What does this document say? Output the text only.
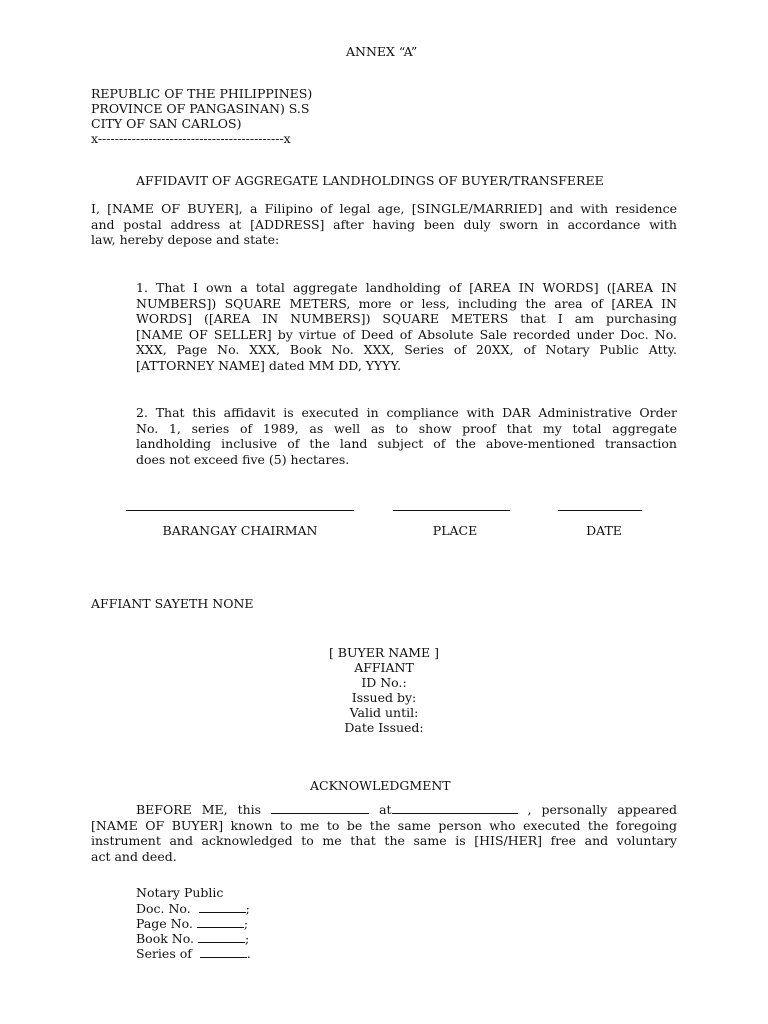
ANNEX “A”
REPUBLIC OF THE PHILIPPINES)
PROVINCE OF PANGASINAN) S.S
CITY OF SAN CARLOS)
x--------------------------------------------x
AFFIDAVIT OF AGGREGATE LANDHOLDINGS OF BUYER/TRANSFEREE
I, [NAME OF BUYER], a Filipino of legal age, [SINGLE/MARRIED] and with residence
and postal address at [ADDRESS] after having been duly sworn in accordance with
law, hereby depose and state:
1. That I own a total aggregate landholding of [AREA IN WORDS] ([AREA IN
NUMBERS]) SQUARE METERS, more or less, including the area of [AREA IN
WORDS] ([AREA IN NUMBERS]) SQUARE METERS that I am purchasing
[NAME OF SELLER] by virtue of Deed of Absolute Sale recorded under Doc. No.
XXX, Page No. XXX, Book No. XXX, Series of 20XX, of Notary Public Atty.
[ATTORNEY NAME] dated MM DD, YYYY.
2. That this affidavit is executed in compliance with DAR Administrative Order
No. 1, series of 1989, as well as to show proof that my total aggregate
landholding inclusive of the land subject of the above-mentioned transaction
does not exceed five (5) hectares.
BARANGAY CHAIRMAN	PLACE	DATE
AFFIANT SAYETH NONE
[ BUYER NAME ]
AFFIANT
ID No.:
Issued by:
Valid until:
Date Issued:
ACKNOWLEDGMENT
BEFORE ME, this	at	, personally appeared
[NAME OF BUYER] known to me to be the same person who executed the foregoing
instrument and acknowledged to me that the same is [HIS/HER] free and voluntary
act and deed.
Notary Public
Doc. No.	;
Page No.	;
Book No.	;
Series of	.
